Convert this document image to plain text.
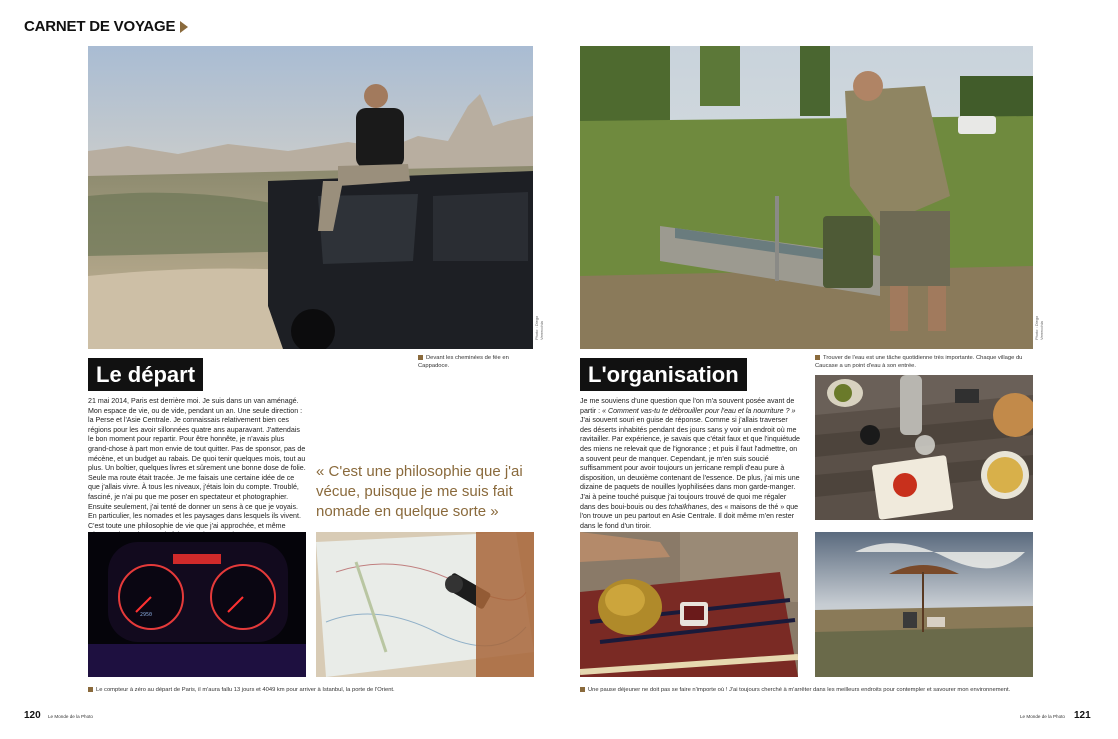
CARNET DE VOYAGE
Photo : Diego Verrecchia
Devant les cheminées de fée en Cappadoce.
Le départ
21 mai 2014, Paris est derrière moi. Je suis dans un van aménagé. Mon espace de vie, ou de vide, pendant un an. Une seule direction : la Perse et l'Asie Centrale. Je connaissais relativement bien ces régions pour les avoir sillonnées quatre ans auparavant. J'attendais le bon moment pour repartir. Pour être honnête, je n'avais plus grand-chose à part mon envie de tout quitter. Pas de sponsor, pas de mécène, et un budget au rabais. De quoi tenir quelques mois, tout au plus. Un boîtier, quelques livres et sûrement une bonne dose de folie. Seule ma route était tracée. Je me faisais une certaine idée de ce que j'allais vivre. À tous les niveaux, j'étais loin du compte. Troublé, fasciné, je n'ai pu que me poser en spectateur et photographier. Ensuite seulement, j'ai tenté de donner un sens à ce que je voyais. En particulier, les nomades et les paysages dans lesquels ils vivent. C'est toute une philosophie de vie que j'ai approchée, et même
« C'est une philosophie que j'ai vécue, puisque je me suis fait nomade en quelque sorte »
2950
Le compteur à zéro au départ de Paris, il m'aura fallu 13 jours et 4049 km pour arriver à Istanbul, la porte de l'Orient.
120 Le Monde de la Photo
Photo : Diego Verrecchia
L'organisation
Trouver de l'eau est une tâche quotidienne très importante. Chaque village du Caucase a un point d'eau à son entrée.
Je me souviens d'une question que l'on m'a souvent posée avant de partir : « Comment vas-tu te débrouiller pour l'eau et la nourriture ? » J'ai souvent souri en guise de réponse. Comme si j'allais traverser des déserts inhabités pendant des jours sans y voir un endroit où me ravitailler. Par expérience, je savais que c'était faux et que l'inquiétude des miens ne relevait que de l'ignorance ; et puis il faut l'admettre, on a souvent peur de manquer. Cependant, je m'en suis soucié suffisamment pour avoir toujours un jerricane rempli d'eau pure à disposition, un deuxième contenant de l'essence. De plus, j'ai mis une dizaine de paquets de nouilles lyophilisées dans mon garde-manger. J'ai à peine touché puisque j'ai toujours trouvé de quoi me régaler dans des boui-bouis ou des tchaïkhanes, des « maisons de thé » que l'on trouve un peu partout en Asie Centrale. Il doit même m'en rester dans le fond d'un tiroir.
Une pause déjeuner ne doit pas se faire n'importe où ! J'ai toujours cherché à m'arrêter dans les meilleurs endroits pour contempler et savourer mon environnement.
Le Monde de la Photo 121
